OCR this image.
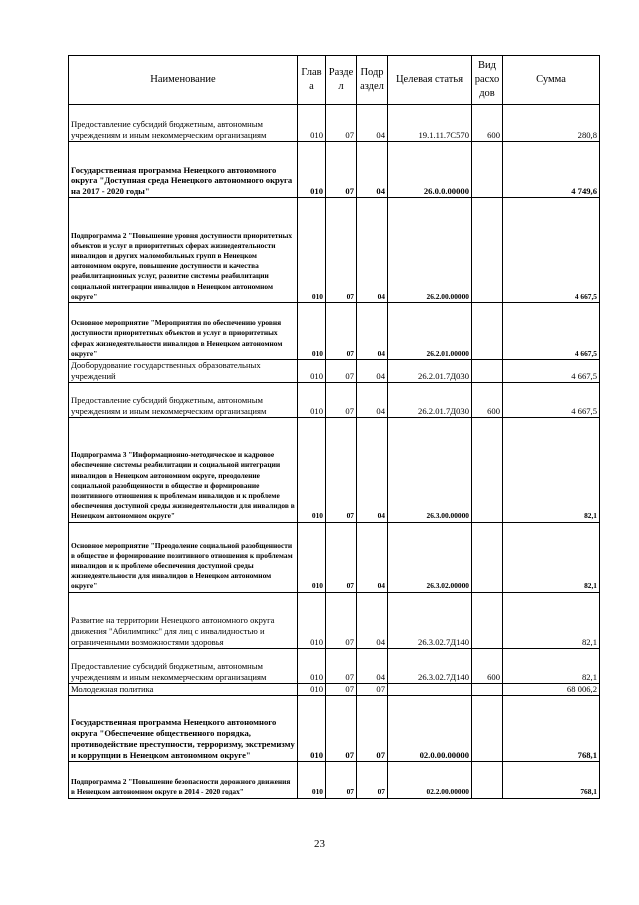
Наименование	Глав а	Разде л	Подр аздел	Целевая статья	Вид расхо дов	Сумма
Предоставление субсидий бюджетным, автономным учреждениям и иным некоммерческим организациям	010	07	04	19.1.11.7С570	600	280,8
Государственная программа Ненецкого автономного округа "Доступная среда Ненецкого автономного округа на 2017 - 2020 годы"	010	07	04	26.0.0.00000		4 749,6
Подпрограмма 2 "Повышение уровня доступности приоритетных объектов и услуг в приоритетных сферах жизнедеятельности инвалидов и других маломобильных групп в Ненецком автономном округе, повышение доступности и качества реабилитационных услуг, развитие системы реабилитации социальной интеграции инвалидов в Ненецком автономном округе"	010	07	04	26.2.00.00000		4 667,5
Основное мероприятие "Мероприятия по обеспечению уровня доступности приоритетных объектов и услуг в приоритетных сферах жизнедеятельности инвалидов в Ненецком автономном округе"	010	07	04	26.2.01.00000		4 667,5
Дооборудование государственных образовательных учреждений	010	07	04	26.2.01.7Д030		4 667,5
Предоставление субсидий бюджетным, автономным учреждениям и иным некоммерческим организациям	010	07	04	26.2.01.7Д030	600	4 667,5
Подпрограмма 3 "Информационно-методическое и кадровое обеспечение системы реабилитации и социальной интеграции инвалидов в Ненецком автономном округе, преодоление социальной разобщенности в обществе и формирование позитивного отношения к проблемам инвалидов и к проблеме обеспечения доступной среды жизнедеятельности для инвалидов в Ненецком автономном округе"	010	07	04	26.3.00.00000		82,1
Основное мероприятие "Преодоление социальной разобщенности в обществе и формирование позитивного отношения к проблемам инвалидов и к проблеме обеспечения доступной среды жизнедеятельности для инвалидов в Ненецком автономном округе"	010	07	04	26.3.02.00000		82,1
Развитие на территории Ненецкого автономного округа движения "Абилимпикс" для лиц с инвалидностью и ограниченными возможностями здоровья	010	07	04	26.3.02.7Д140		82,1
Предоставление субсидий бюджетным, автономным учреждениям и иным некоммерческим организациям	010	07	04	26.3.02.7Д140	600	82,1
Молодежная политика	010	07	07			68 006,2
Государственная программа Ненецкого автономного округа "Обеспечение общественного порядка, противодействие преступности, терроризму, экстремизму и коррупции в Ненецком автономном округе"	010	07	07	02.0.00.00000		768,1
Подпрограмма 2 "Повышение безопасности дорожного движения в Ненецком автономном округе в 2014 - 2020 годах"	010	07	07	02.2.00.00000		768,1
23
